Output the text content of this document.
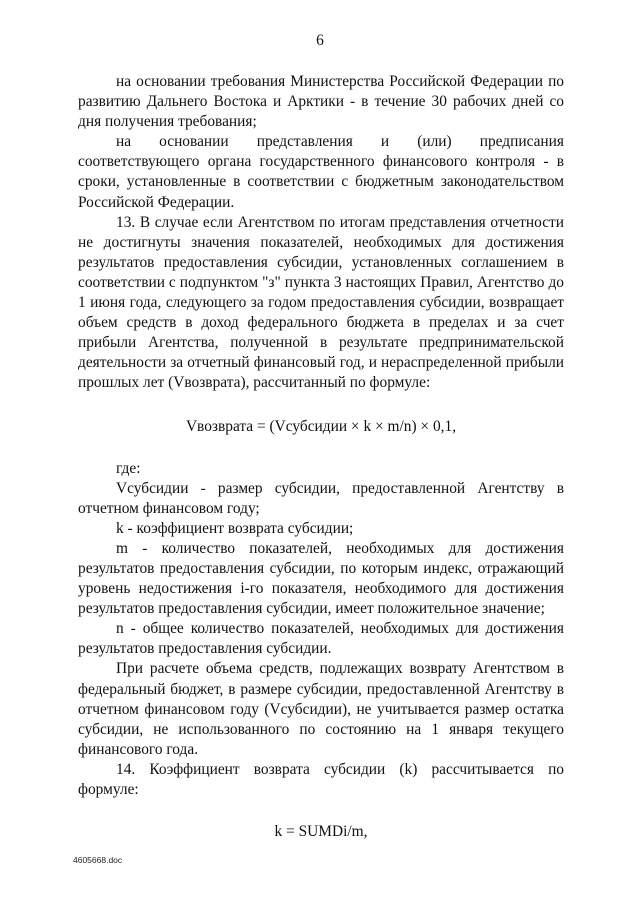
6

на основании требования Министерства Российской Федерации по развитию Дальнего Востока и Арктики - в течение 30 рабочих дней со дня получения требования;

на основании представления и (или) предписания соответствующего органа государственного финансового контроля - в сроки, установленные в соответствии с бюджетным законодательством Российской Федерации.

13. В случае если Агентством по итогам представления отчетности не достигнуты значения показателей, необходимых для достижения результатов предоставления субсидии, установленных соглашением в соответствии с подпунктом "з" пункта 3 настоящих Правил, Агентство до 1 июня года, следующего за годом предоставления субсидии, возвращает объем средств в доход федерального бюджета в пределах и за счет прибыли Агентства, полученной в результате предпринимательской деятельности за отчетный финансовый год, и нераспределенной прибыли прошлых лет (Vвозврата), рассчитанный по формуле:

Vвозврата = (Vсубсидии × k × m/n) × 0,1,

где:

Vсубсидии - размер субсидии, предоставленной Агентству в отчетном финансовом году;

k - коэффициент возврата субсидии;

m - количество показателей, необходимых для достижения результатов предоставления субсидии, по которым индекс, отражающий уровень недостижения i-го показателя, необходимого для достижения результатов предоставления субсидии, имеет положительное значение;

n - общее количество показателей, необходимых для достижения результатов предоставления субсидии.

При расчете объема средств, подлежащих возврату Агентством в федеральный бюджет, в размере субсидии, предоставленной Агентству в отчетном финансовом году (Vсубсидии), не учитывается размер остатка субсидии, не использованного по состоянию на 1 января текущего финансового года.

14. Коэффициент возврата субсидии (k) рассчитывается по формуле:

k = SUMDi/m,

4605668.doc
